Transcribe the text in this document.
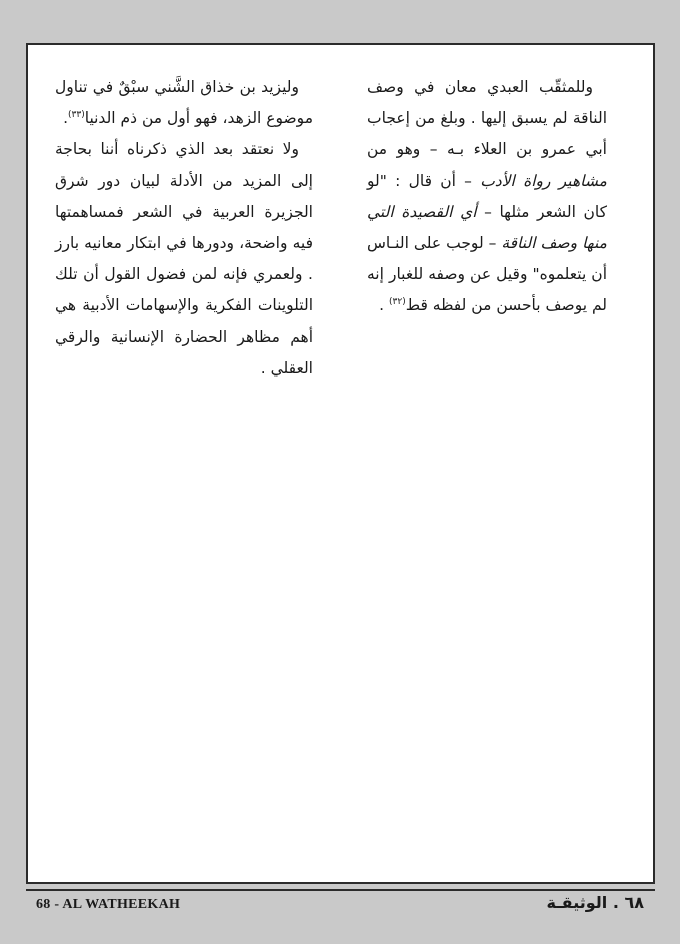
وللمثقّب العبدي معان في وصف الناقة لم يسبق إليها . وبلغ من إعجاب أبي عمرو بن العلاء بـه – وهو من مشاهير رواة الأدب – أن قال : "لو كان الشعر مثلها – أي القصيدة التي منها وصف الناقة – لوجب على النـاس أن يتعلموه" وقيل عن وصفه للغبار إنه لم يوصف بأحسن من لفظه قط$^{(٣٢)}$ .

وليزيد بن خذاق الشَّني سبْقٌ في تناول موضوع الزهد، فهو أول من ذم الدنيا$^{(٣٣)}$.

ولا نعتقد بعد الذي ذكرناه أننا بحاجة إلى المزيد من الأدلة لبيان دور شرق الجزيرة العربية في الشعر فمساهمتها فيه واضحة، ودورها في ابتكار معانيه بارز . ولعمري فإنه لمن فضول القول أن تلك التلوينات الفكرية والإسهامات الأدبية هي أهم مظاهر الحضارة الإنسانية والرقي العقلي .

68 - AL WATHEEKAH	٦٨ . الوثيقـة
